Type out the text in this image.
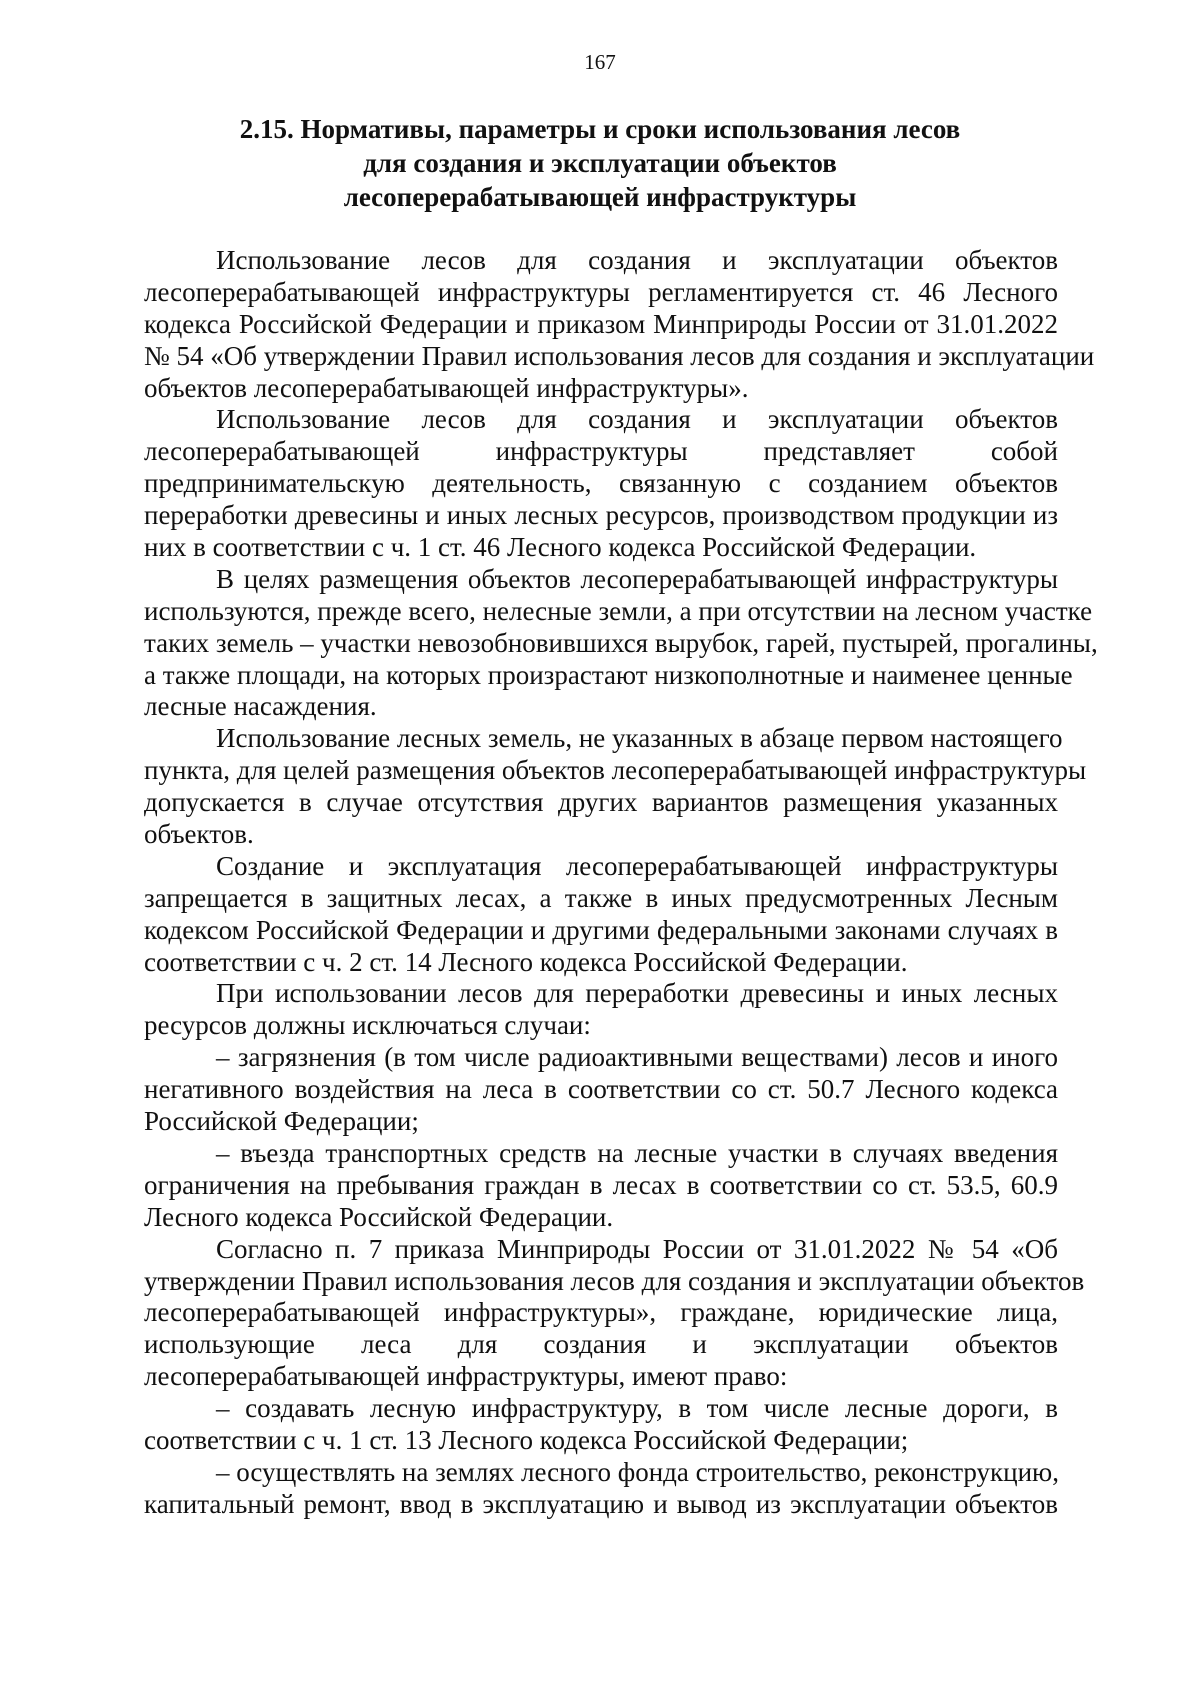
167
2.15. Нормативы, параметры и сроки использования лесов
для создания и эксплуатации объектов
лесоперерабатывающей инфраструктуры
Использование лесов для создания и эксплуатации объектов
лесоперерабатывающей инфраструктуры регламентируется ст. 46 Лесного
кодекса Российской Федерации и приказом Минприроды России от 31.01.2022
№ 54 «Об утверждении Правил использования лесов для создания и эксплуатации
объектов лесоперерабатывающей инфраструктуры».
Использование лесов для создания и эксплуатации объектов
лесоперерабатывающей инфраструктуры представляет собой
предпринимательскую деятельность, связанную с созданием объектов
переработки древесины и иных лесных ресурсов, производством продукции из
них в соответствии с ч. 1 ст. 46 Лесного кодекса Российской Федерации.
В целях размещения объектов лесоперерабатывающей инфраструктуры
используются, прежде всего, нелесные земли, а при отсутствии на лесном участке
таких земель – участки невозобновившихся вырубок, гарей, пустырей, прогалины,
а также площади, на которых произрастают низкополнотные и наименее ценные
лесные насаждения.
Использование лесных земель, не указанных в абзаце первом настоящего
пункта, для целей размещения объектов лесоперерабатывающей инфраструктуры
допускается в случае отсутствия других вариантов размещения указанных
объектов.
Создание и эксплуатация лесоперерабатывающей инфраструктуры
запрещается в защитных лесах, а также в иных предусмотренных Лесным
кодексом Российской Федерации и другими федеральными законами случаях в
соответствии с ч. 2 ст. 14 Лесного кодекса Российской Федерации.
При использовании лесов для переработки древесины и иных лесных
ресурсов должны исключаться случаи:
– загрязнения (в том числе радиоактивными веществами) лесов и иного
негативного воздействия на леса в соответствии со ст. 50.7 Лесного кодекса
Российской Федерации;
– въезда транспортных средств на лесные участки в случаях введения
ограничения на пребывания граждан в лесах в соответствии со ст. 53.5, 60.9
Лесного кодекса Российской Федерации.
Согласно п. 7 приказа Минприроды России от 31.01.2022 № 54 «Об
утверждении Правил использования лесов для создания и эксплуатации объектов
лесоперерабатывающей инфраструктуры», граждане, юридические лица,
использующие леса для создания и эксплуатации объектов
лесоперерабатывающей инфраструктуры, имеют право:
– создавать лесную инфраструктуру, в том числе лесные дороги, в
соответствии с ч. 1 ст. 13 Лесного кодекса Российской Федерации;
– осуществлять на землях лесного фонда строительство, реконструкцию,
капитальный ремонт, ввод в эксплуатацию и вывод из эксплуатации объектов
